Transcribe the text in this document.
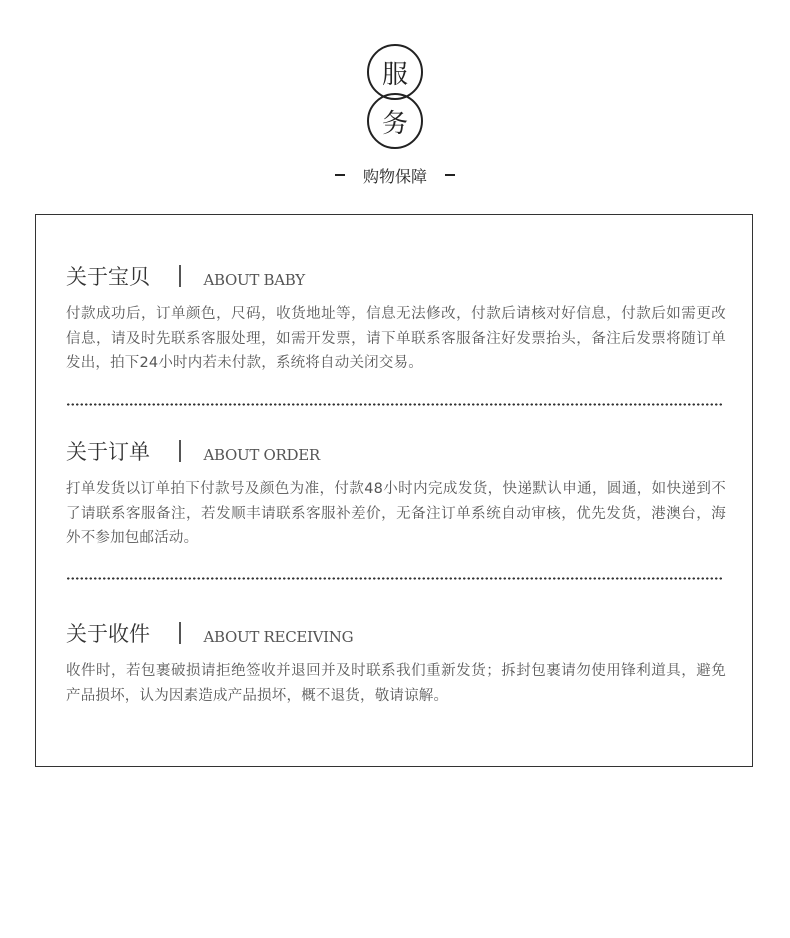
服
务
购物保障
关于宝贝	ABOUT BABY
付款成功后，订单颜色，尺码，收货地址等，信息无法修改，付款后请核对好信息，付款后如需更改信息，请及时先联系客服处理，如需开发票，请下单联系客服备注好发票抬头，备注后发票将随订单发出，拍下24小时内若未付款，系统将自动关闭交易。
关于订单	ABOUT ORDER
打单发货以订单拍下付款号及颜色为准，付款48小时内完成发货，快递默认申通，圆通，如快递到不了请联系客服备注，若发顺丰请联系客服补差价，无备注订单系统自动审核，优先发货，港澳台，海外不参加包邮活动。
关于收件	ABOUT RECEIVING
收件时，若包裹破损请拒绝签收并退回并及时联系我们重新发货；拆封包裹请勿使用锋利道具，避免产品损坏，认为因素造成产品损坏，概不退货，敬请谅解。
